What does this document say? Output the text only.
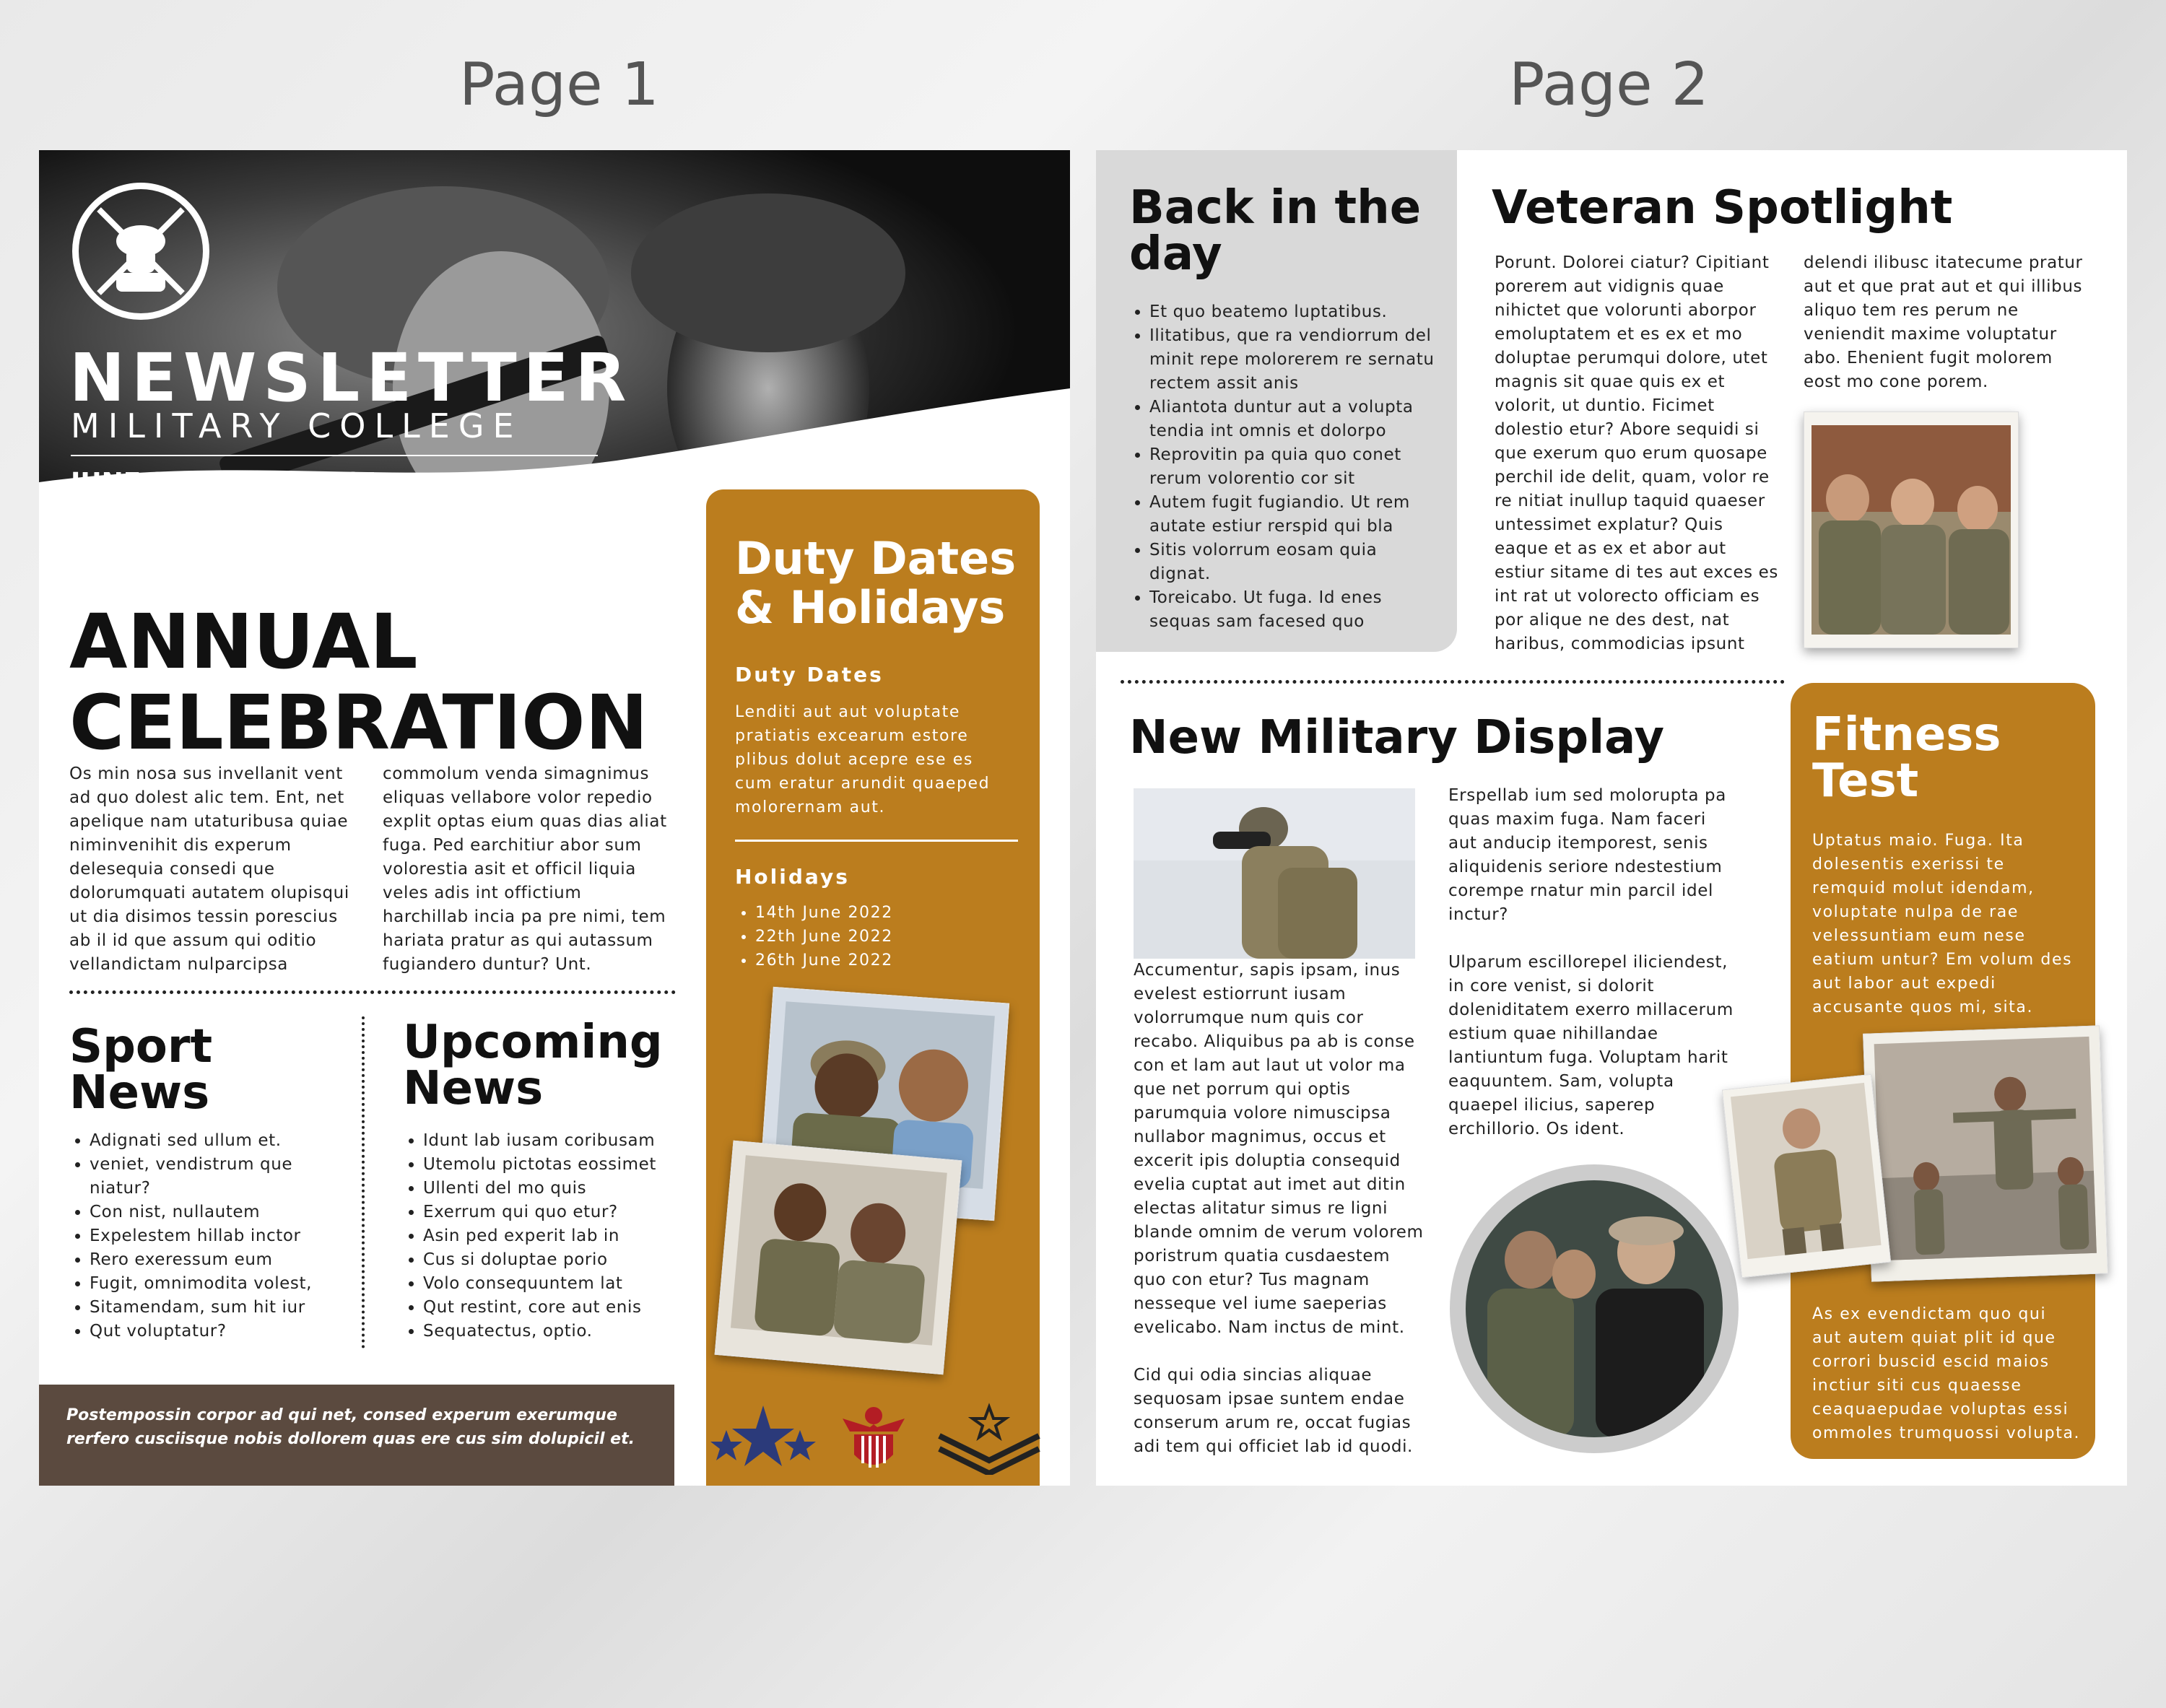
Page 1	Page 2
NEWSLETTER
MILITARY COLLEGE
JUNE 2022 | ISSUE 01
ANNUAL
CELEBRATION
Os min nosa sus invellanit vent
ad quo dolest alic tem. Ent, net
apelique nam utaturibusa quiae
niminvenihit dis experum
delesequia consedi que
dolorumquati autatem olupisqui
ut dia disimos tessin porescius
ab il id que assum qui oditio
vellandictam nulparcipsa
commolum venda simagnimus
eliquas vellabore volor repedio
explit optas eium quas dias aliat
fuga. Ped earchitiur abor sum
volorestia asit et officil liquia
veles adis int offictium
harchillab incia pa pre nimi, tem
hariata pratur as qui autassum
fugiandero duntur? Unt.
Sport
News
• Adignati sed ullum et.
• veniet, vendistrum que
niatur?
• Con nist, nullautem
• Expelestem hillab inctor
• Rero exeressum eum
• Fugit, omnimodita volest,
• Sitamendam, sum hit iur
• Qut voluptatur?
Upcoming
News
• Idunt lab iusam coribusam
• Utemolu pictotas eossimet
• Ullenti del mo quis
• Exerrum qui quo etur?
• Asin ped experit lab in
• Cus si doluptae porio
• Volo consequuntem lat
• Qut restint, core aut enis
• Sequatectus, optio.

Postempossin corpor ad qui net, consed experum exerumque
rerfero cusciisque nobis dollorem quas ere cus sim dolupicil et.

Duty Dates
& Holidays
Duty Dates
Lenditi aut aut voluptate
pratiatis excearum estore
plibus dolut acepre ese es
cum eratur arundit quaeped
molorernam aut.
Holidays
• 14th June 2022
• 22th June 2022
• 26th June 2022
Back in the
day
• Et quo beatemo luptatibus.
• Ilitatibus, que ra vendiorrum del
minit repe molorerem re sernatu
rectem assit anis
• Aliantota duntur aut a volupta
tendia int omnis et dolorpo
• Reprovitin pa quia quo conet
rerum volorentio cor sit
• Autem fugit fugiandio. Ut rem
autate estiur rerspid qui bla
• Sitis volorrum eosam quia
dignat.
• Toreicabo. Ut fuga. Id enes
sequas sam facesed quo
Veteran Spotlight
Porunt. Dolorei ciatur? Cipitiant
porerem aut vidignis quae
nihictet que volorunti aborpor
emoluptatem et es ex et mo
doluptae perumqui dolore, utet
magnis sit quae quis ex et
volorit, ut duntio. Ficimet
dolestio etur? Abore sequidi si
que exerum quo erum quosape
perchil ide delit, quam, volor re
re nitiat inullup taquid quaeser
untessimet explatur? Quis
eaque et as ex et abor aut
estiur sitame di tes aut exces es
int rat ut volorecto officiam es
por alique ne des dest, nat
haribus, commodicias ipsunt
delendi ilibusc itatecume pratur
aut et que prat aut et qui illibus
aliquo tem res perum ne
veniendit maxime voluptatur
abo. Ehenient fugit molorem
eost mo cone porem.
New Military Display
Accumentur, sapis ipsam, inus
evelest estiorrunt iusam
volorrumque num quis cor
recabo. Aliquibus pa ab is conse
con et lam aut laut ut volor ma
que net porrum qui optis
parumquia volore nimuscipsa
nullabor magnimus, occus et
excerit ipis doluptia consequid
evelia cuptat aut imet aut ditin
electas alitatur simus re ligni
blande omnim de verum volorem
poristrum quatia cusdaestem
quo con etur? Tus magnam
nesseque vel iume saeperias
evelicabo. Nam inctus de mint.
Cid qui odia sincias aliquae
sequosam ipsae suntem endae
conserum arum re, occat fugias
adi tem qui officiet lab id quodi.
Erspellab ium sed molorupta pa
quas maxim fuga. Nam faceri
aut anducip itemporest, senis
aliquidenis seriore ndestestium
corempe rnatur min parcil idel
inctur?
Ulparum escillorepel iliciendest,
in core venist, si dolorit
doleniditatem exerro millacerum
estium quae nihillandae
lantiuntum fuga. Voluptam harit
eaquuntem. Sam, volupta
quaepel ilicius, saperep
erchillorio. Os ident.
Fitness
Test
Uptatus maio. Fuga. Ita
dolesentis exerissi te
remquid molut idendam,
voluptate nulpa de rae
velessuntiam eum nese
eatium untur? Em volum des
aut labor aut expedi
accusante quos mi, sita.
As ex evendictam quo qui
aut autem quiat plit id que
corrori buscid escid maios
inctiur siti cus quaesse
ceaquaepudae voluptas essi
ommoles trumquossi volupta.
